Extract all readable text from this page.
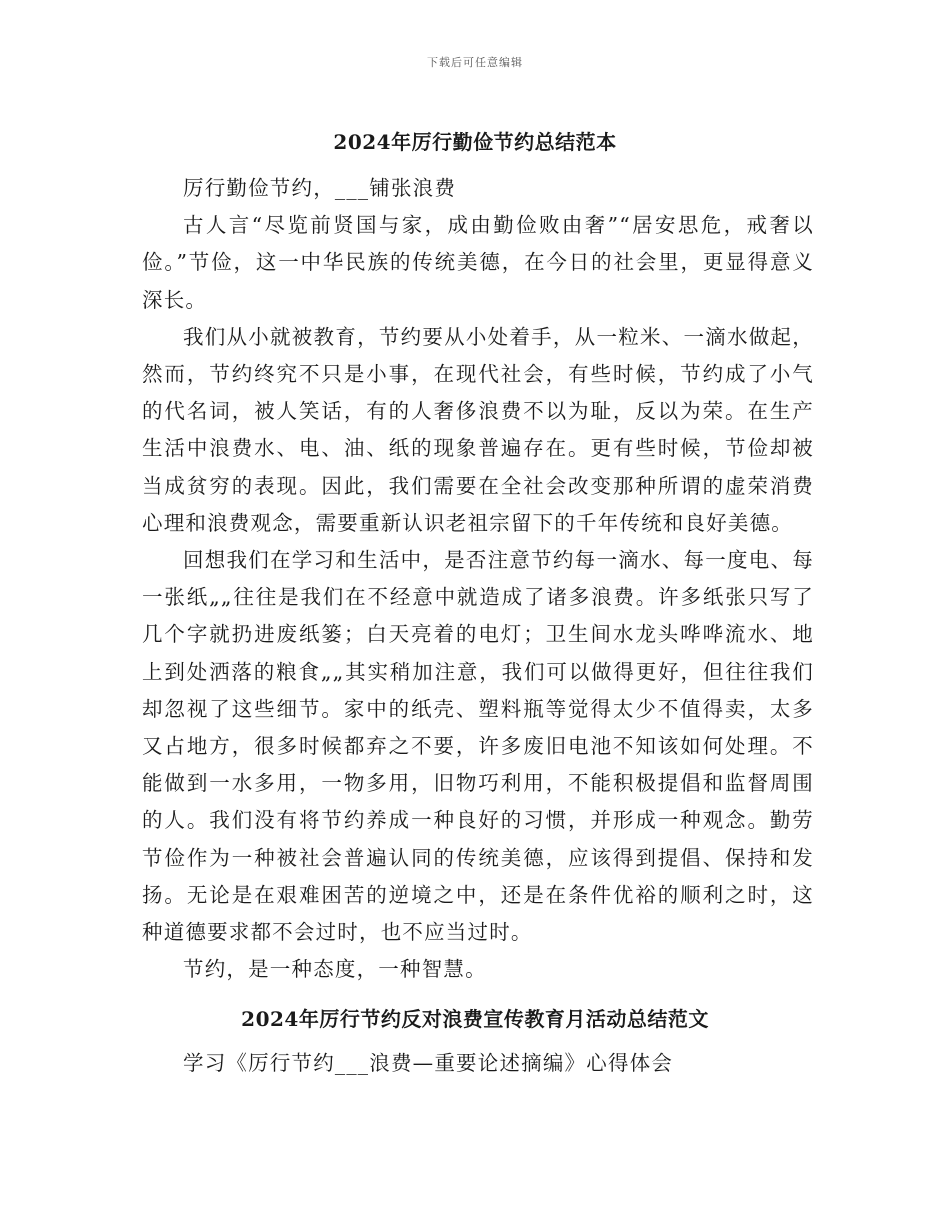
下载后可任意编辑
2024年厉行勤俭节约总结范本

厉行勤俭节约，___铺张浪费

古人言“尽览前贤国与家，成由勤俭败由奢”“居安思危，戒奢以俭。”节俭，这一中华民族的传统美德，在今日的社会里，更显得意义深长。

我们从小就被教育，节约要从小处着手，从一粒米、一滴水做起，然而，节约终究不只是小事，在现代社会，有些时候，节约成了小气的代名词，被人笑话，有的人奢侈浪费不以为耻，反以为荣。在生产生活中浪费水、电、油、纸的现象普遍存在。更有些时候，节俭却被当成贫穷的表现。因此，我们需要在全社会改变那种所谓的虚荣消费心理和浪费观念，需要重新认识老祖宗留下的千年传统和良好美德。

回想我们在学习和生活中，是否注意节约每一滴水、每一度电、每一张纸„„往往是我们在不经意中就造成了诸多浪费。许多纸张只写了几个字就扔进废纸篓；白天亮着的电灯；卫生间水龙头哗哗流水、地上到处洒落的粮食„„其实稍加注意，我们可以做得更好，但往往我们却忽视了这些细节。家中的纸壳、塑料瓶等觉得太少不值得卖，太多又占地方，很多时候都弃之不要，许多废旧电池不知该如何处理。不能做到一水多用，一物多用，旧物巧利用，不能积极提倡和监督周围的人。我们没有将节约养成一种良好的习惯，并形成一种观念。勤劳节俭作为一种被社会普遍认同的传统美德，应该得到提倡、保持和发扬。无论是在艰难困苦的逆境之中，还是在条件优裕的顺利之时，这种道德要求都不会过时，也不应当过时。

节约，是一种态度，一种智慧。

2024年厉行节约反对浪费宣传教育月活动总结范文

学习《厉行节约___浪费—重要论述摘编》心得体会
